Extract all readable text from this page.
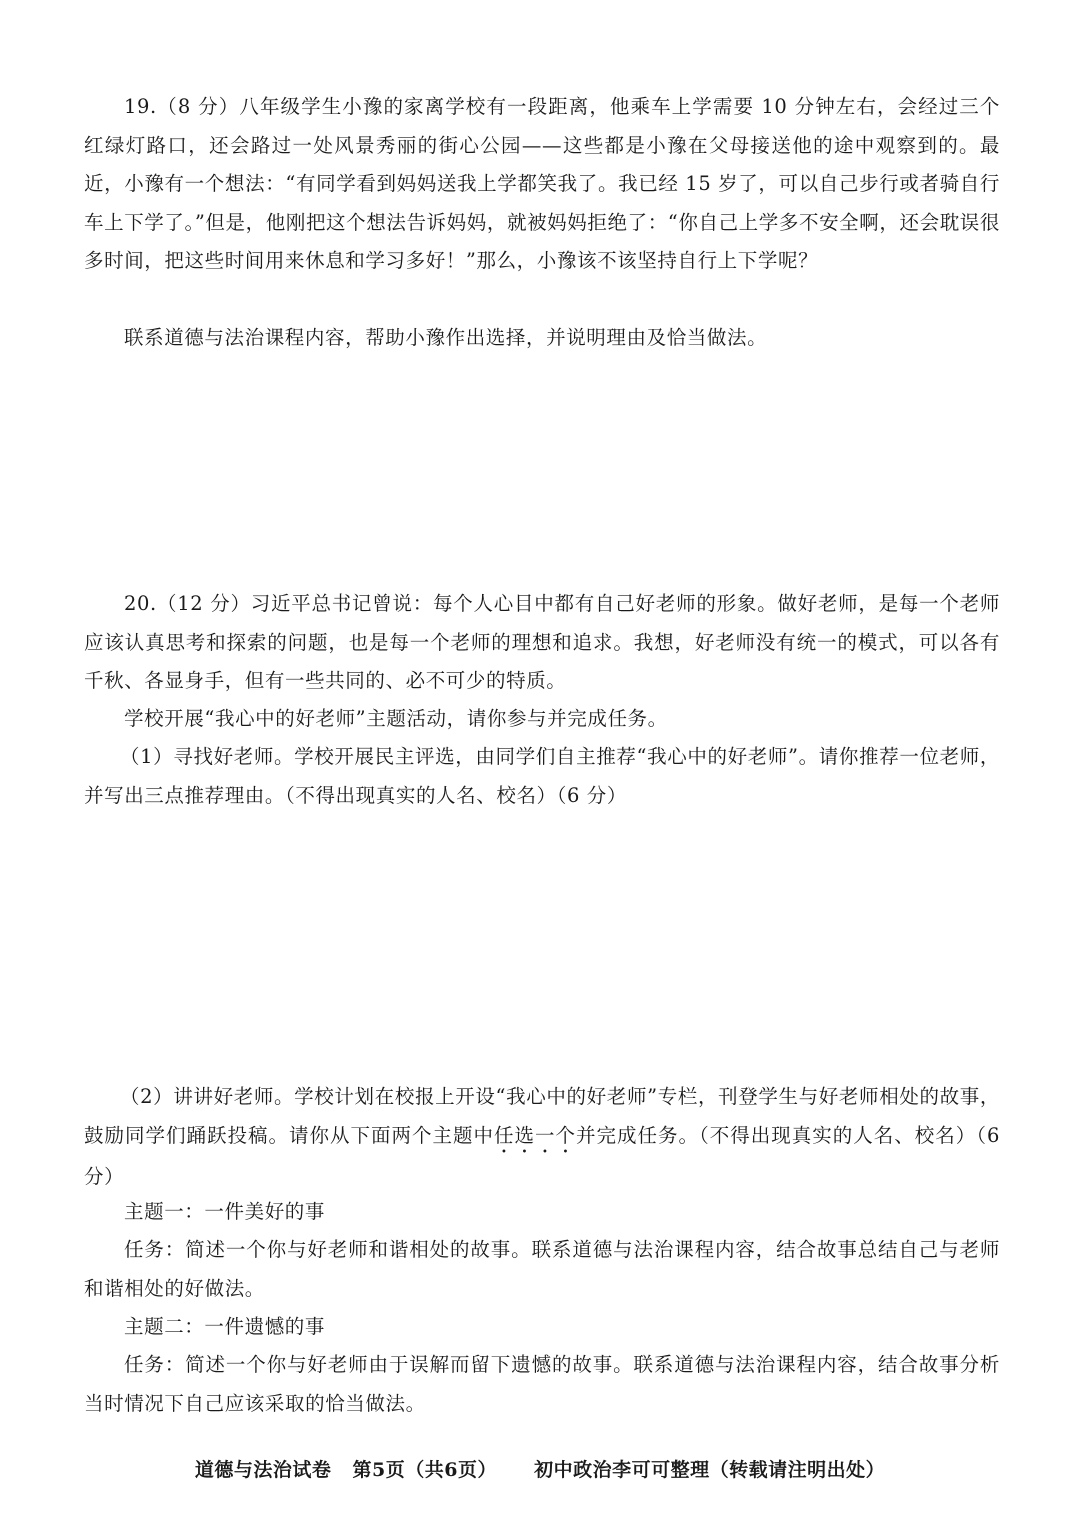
19.（8 分）八年级学生小豫的家离学校有一段距离，他乘车上学需要 10 分钟左右，会经过三个红绿灯路口，还会路过一处风景秀丽的街心公园——这些都是小豫在父母接送他的途中观察到的。最近，小豫有一个想法：“有同学看到妈妈送我上学都笑我了。我已经 15 岁了，可以自己步行或者骑自行车上下学了。”但是，他刚把这个想法告诉妈妈，就被妈妈拒绝了：“你自己上学多不安全啊，还会耽误很多时间，把这些时间用来休息和学习多好！”那么，小豫该不该坚持自行上下学呢？

联系道德与法治课程内容，帮助小豫作出选择，并说明理由及恰当做法。

20.（12 分）习近平总书记曾说：每个人心目中都有自己好老师的形象。做好老师，是每一个老师应该认真思考和探索的问题，也是每一个老师的理想和追求。我想，好老师没有统一的模式，可以各有千秋、各显身手，但有一些共同的、必不可少的特质。

学校开展“我心中的好老师”主题活动，请你参与并完成任务。

（1）寻找好老师。学校开展民主评选，由同学们自主推荐“我心中的好老师”。请你推荐一位老师，并写出三点推荐理由。（不得出现真实的人名、校名）（6 分）

（2）讲讲好老师。学校计划在校报上开设“我心中的好老师”专栏，刊登学生与好老师相处的故事，鼓励同学们踊跃投稿。请你从下面两个主题中任选一个并完成任务。（不得出现真实的人名、校名）（6 分）

主题一：一件美好的事

任务：简述一个你与好老师和谐相处的故事。联系道德与法治课程内容，结合故事总结自己与老师和谐相处的好做法。

主题二：一件遗憾的事

任务：简述一个你与好老师由于误解而留下遗憾的故事。联系道德与法治课程内容，结合故事分析当时情况下自己应该采取的恰当做法。

道德与法治试卷 第5页（共6页） 初中政治李可可整理（转载请注明出处）
